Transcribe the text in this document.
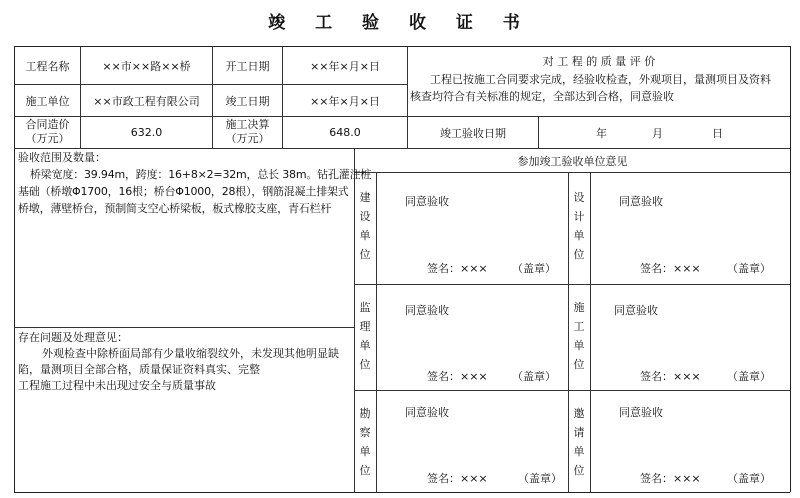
竣 工 验 收 证 书
工程名称	××市××路××桥	开工日期	××年×月×日
施工单位	××市政工程有限公司	竣工日期	××年×月×日
对 工 程 的 质 量 评 价
工程已按施工合同要求完成，经验收检查，外观项目，量测项目及资料
核查均符合有关标准的规定，全部达到合格，同意验收
合同造价
（万元）	632.0
施工决算
（万元）	648.0	竣工验收日期	年	月	日
验收范围及数量：
桥梁宽度：39.94m，跨度：16+8×2=32m，总长 38m。钻孔灌注桩
基础（桥墩Φ1700，16根；桥台Φ1000，28根），钢筋混凝土排架式
桥墩，薄壁桥台，预制简支空心桥梁板，板式橡胶支座，青石栏杆
存在问题及处理意见：
外观检查中除桥面局部有少量收缩裂纹外，未发现其他明显缺
陷，量测项目全部合格，质量保证资料真实、完整
工程施工过程中未出现过安全与质量事故
参加竣工验收单位意见
建设单位
同意验收
签名：××× （盖章）
设计单位
同意验收
签名：××× （盖章）
监理单位
同意验收
签名：××× （盖章）
施工单位
同意验收
签名：××× （盖章）
勘察单位
同意验收
签名：×××	（盖章）
邀请单位
同意验收
签名：××× （盖章）
